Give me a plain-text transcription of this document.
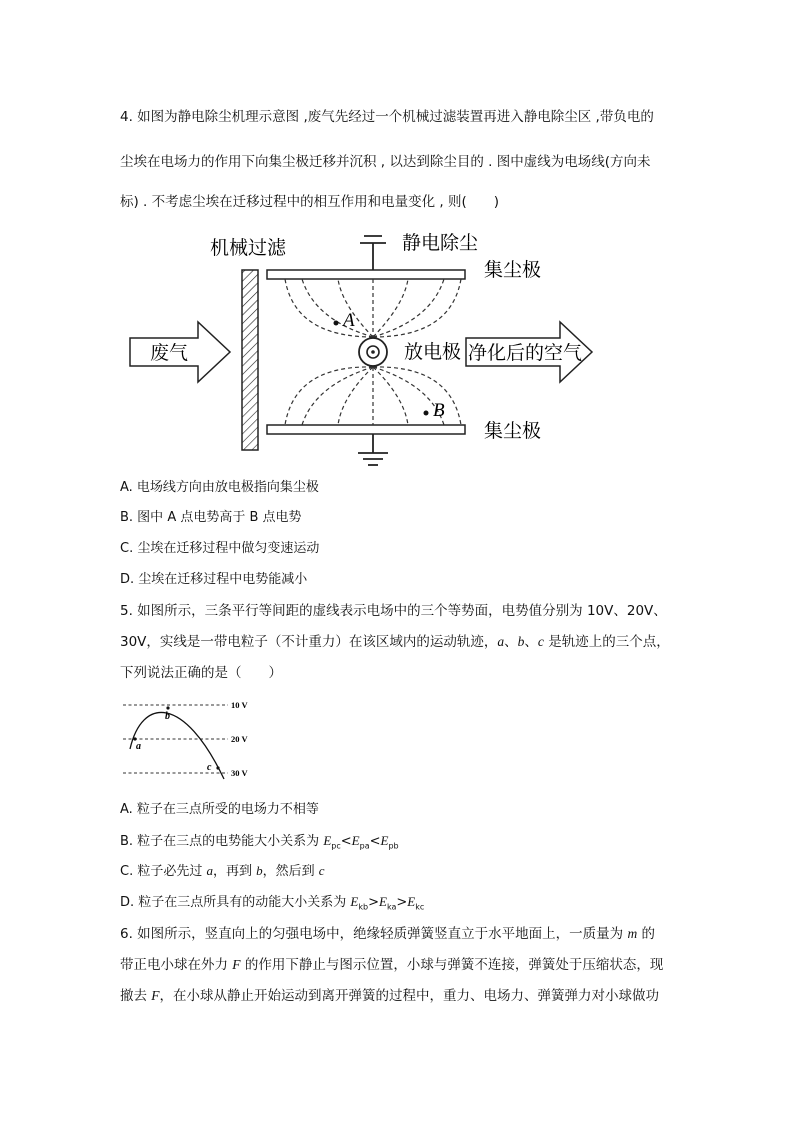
4. 如图为静电除尘机理示意图 ,废气先经过一个机械过滤装置再进入静电除尘区 ,带负电的
尘埃在电场力的作用下向集尘极迁移并沉积 , 以达到除尘目的 . 图中虚线为电场线(方向未
标) . 不考虑尘埃在迁移过程中的相互作用和电量变化 , 则(　　)
机械过滤	静电除尘
集尘极
集尘极
放电极
A
B
废气	净化后的空气
A. 电场线方向由放电极指向集尘极
B. 图中 A 点电势高于 B 点电势
C. 尘埃在迁移过程中做匀变速运动
D. 尘埃在迁移过程中电势能减小
5. 如图所示，三条平行等间距的虚线表示电场中的三个等势面，电势值分别为 10V、20V、
30V，实线是一带电粒子（不计重力）在该区域内的运动轨迹，a、b、c 是轨迹上的三个点，
下列说法正确的是（　　）
10 V
20 V
30 V
a
b
c
A. 粒子在三点所受的电场力不相等
B. 粒子在三点的电势能大小关系为 $E_{pc}<E_{pa}<E_{pb}$
C. 粒子必先过 a，再到 b，然后到 c
D. 粒子在三点所具有的动能大小关系为 $E_{kb}>E_{ka}>E_{kc}$
6. 如图所示，竖直向上的匀强电场中，绝缘轻质弹簧竖直立于水平地面上，一质量为 m 的
带正电小球在外力 F 的作用下静止与图示位置，小球与弹簧不连接，弹簧处于压缩状态，现
撤去 F，在小球从静止开始运动到离开弹簧的过程中，重力、电场力、弹簧弹力对小球做功
